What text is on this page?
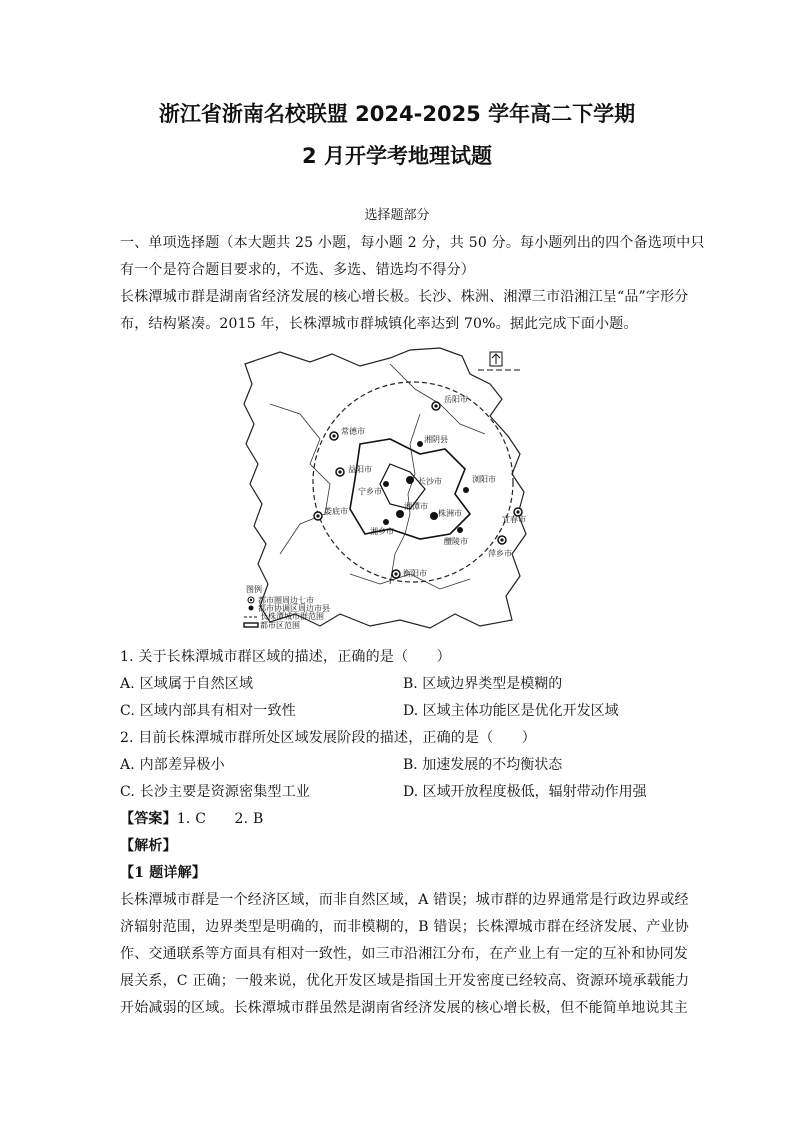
浙江省浙南名校联盟 2024-2025 学年高二下学期
2 月开学考地理试题
选择题部分
一、单项选择题（本大题共 25 小题，每小题 2 分，共 50 分。每小题列出的四个备选项中只
有一个是符合题目要求的，不选、多选、错选均不得分）
长株潭城市群是湖南省经济发展的核心增长极。长沙、株洲、湘潭三市沿湘江呈“品”字形分
布，结构紧凑。2015 年，长株潭城市群城镇化率达到 70%。据此完成下面小题。
岳阳市
常德市
湘阴县
益阳市
长沙市	浏阳市
宁乡市
湘潭市
株洲市
娄底市
湘乡市
醴陵市
宜春市
萍乡市
衡阳市
图例
都市圈周边七市
都市协调区周边市县
长株潭城市群范围
都市区范围
1. 关于长株潭城市群区域的描述，正确的是（　　）
A. 区域属于自然区域	B. 区域边界类型是模糊的
C. 区域内部具有相对一致性	D. 区域主体功能区是优化开发区域
2. 目前长株潭城市群所处区域发展阶段的描述，正确的是（　　）
A. 内部差异极小	B. 加速发展的不均衡状态
C. 长沙主要是资源密集型工业	D. 区域开放程度极低，辐射带动作用强
【答案】1. C　　2. B
【解析】
【1 题详解】
长株潭城市群是一个经济区域，而非自然区域，A 错误；城市群的边界通常是行政边界或经
济辐射范围，边界类型是明确的，而非模糊的，B 错误；长株潭城市群在经济发展、产业协
作、交通联系等方面具有相对一致性，如三市沿湘江分布，在产业上有一定的互补和协同发
展关系，C 正确；一般来说，优化开发区域是指国土开发密度已经较高、资源环境承载能力
开始减弱的区域。长株潭城市群虽然是湖南省经济发展的核心增长极，但不能简单地说其主
